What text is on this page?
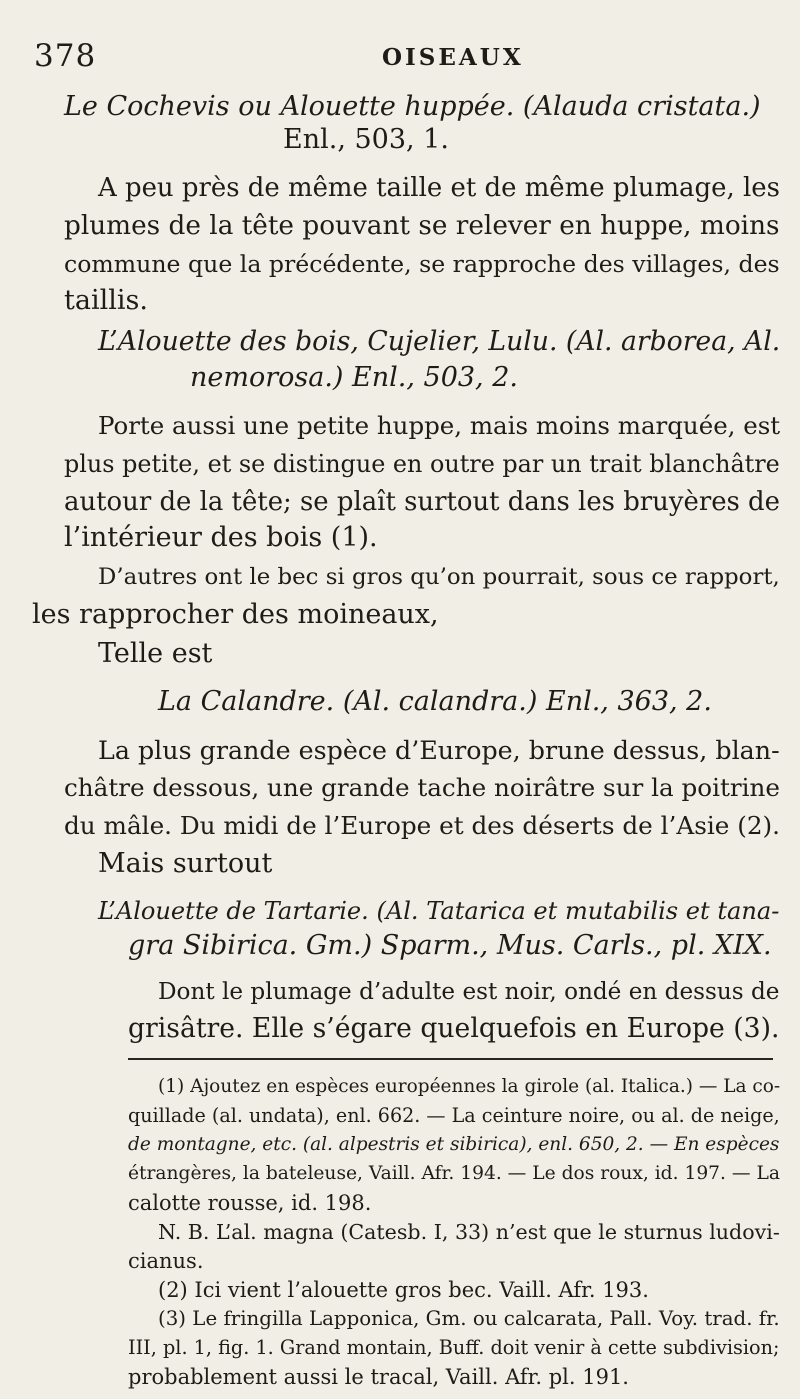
378	OISEAUX
Le Cochevis ou Alouette huppée. (Alauda cristata.)
Enl., 503, 1.
A peu près de même taille et de même plumage, les
plumes de la tête pouvant se relever en huppe, moins
commune que la précédente, se rapproche des villages, des
taillis.
L’Alouette des bois, Cujelier, Lulu. (Al. arborea, Al.
nemorosa.) Enl., 503, 2.
Porte aussi une petite huppe, mais moins marquée, est
plus petite, et se distingue en outre par un trait blanchâtre
autour de la tête; se plaît surtout dans les bruyères de
l’intérieur des bois (1).
D’autres ont le bec si gros qu’on pourrait, sous ce rapport,
les rapprocher des moineaux,
Telle est
La Calandre. (Al. calandra.) Enl., 363, 2.
La plus grande espèce d’Europe, brune dessus, blan-
châtre dessous, une grande tache noirâtre sur la poitrine
du mâle. Du midi de l’Europe et des déserts de l’Asie (2).
Mais surtout
L’Alouette de Tartarie. (Al. Tatarica et mutabilis et tana-
gra Sibirica. Gm.) Sparm., Mus. Carls., pl. XIX.
Dont le plumage d’adulte est noir, ondé en dessus de
grisâtre. Elle s’égare quelquefois en Europe (3).
(1) Ajoutez en espèces européennes la girole (al. Italica.) — La co-
quillade (al. undata), enl. 662. — La ceinture noire, ou al. de neige,
de montagne, etc. (al. alpestris et sibirica), enl. 650, 2. — En espèces
étrangères, la bateleuse, Vaill. Afr. 194. — Le dos roux, id. 197. — La
calotte rousse, id. 198.
N. B. L’al. magna (Catesb. I, 33) n’est que le sturnus ludovi-
cianus.
(2) Ici vient l’alouette gros bec. Vaill. Afr. 193.
(3) Le fringilla Lapponica, Gm. ou calcarata, Pall. Voy. trad. fr.
III, pl. 1, fig. 1. Grand montain, Buff. doit venir à cette subdivision;
probablement aussi le tracal, Vaill. Afr. pl. 191.
